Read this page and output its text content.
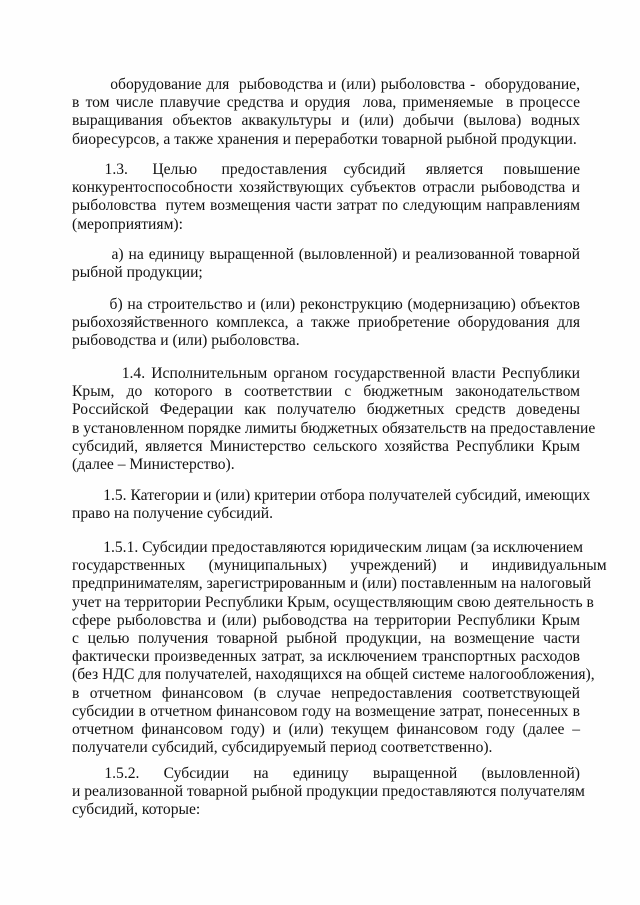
оборудование для  рыбоводства и (или) рыболовства -  оборудование,
в том числе плавучие средства и орудия  лова, применяемые  в процессе
выращивания объектов аквакультуры и (или) добычи (вылова) водных
биоресурсов, а также хранения и переработки товарной рыбной продукции.
1.3.      Целью      предоставления    субсидий     является     повышение
конкурентоспособности хозяйствующих субъектов отрасли рыбоводства и
рыболовства  путем возмещения части затрат по следующим направлениям
(мероприятиям):
а) на единицу выращенной (выловленной) и реализованной товарной
рыбной продукции;
б) на строительство и (или) реконструкцию (модернизацию) объектов
рыбохозяйственного комплекса, а также приобретение оборудования для
рыбоводства и (или) рыболовства.
1.4. Исполнительным органом государственной власти Республики
Крым, до которого в соответствии с бюджетным законодательством
Российской Федерации как получателю бюджетных средств доведены
в установленном порядке лимиты бюджетных обязательств на предоставление
субсидий, является Министерство сельского хозяйства Республики Крым
(далее – Министерство).
1.5. Категории и (или) критерии отбора получателей субсидий, имеющих
право на получение субсидий.
1.5.1. Субсидии предоставляются юридическим лицам (за исключением
государственных      (муниципальных)      учреждений)      и      индивидуальным
предпринимателям, зарегистрированным и (или) поставленным на налоговый
учет на территории Республики Крым, осуществляющим свою деятельность в
сфере рыболовства и (или) рыбоводства на территории Республики Крым
с целью получения товарной рыбной продукции, на возмещение части
фактически произведенных затрат, за исключением транспортных расходов
(без НДС для получателей, находящихся на общей системе налогообложения),
в отчетном финансовом (в случае непредоставления соответствующей
субсидии в отчетном финансовом году на возмещение затрат, понесенных в
отчетном финансовом году) и (или) текущем финансовом году (далее –
получатели субсидий, субсидируемый период соответственно).
1.5.2.      Субсидии      на      единицу      выращенной      (выловленной)
и реализованной товарной рыбной продукции предоставляются получателям
субсидий, которые:
